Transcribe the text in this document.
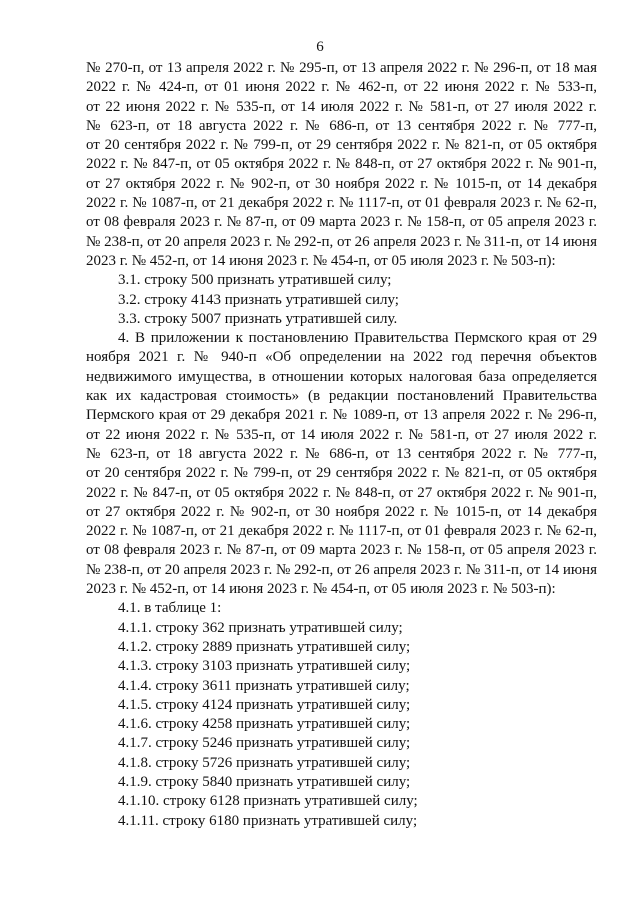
6
№ 270-п, от 13 апреля 2022 г. № 295-п, от 13 апреля 2022 г. № 296-п, от 18 мая
2022 г. № 424-п, от 01 июня 2022 г. № 462-п, от 22 июня 2022 г. № 533-п,
от 22 июня 2022 г. № 535-п, от 14 июля 2022 г. № 581-п, от 27 июля 2022 г.
№ 623-п, от 18 августа 2022 г. № 686-п, от 13 сентября 2022 г. № 777-п,
от 20 сентября 2022 г. № 799-п, от 29 сентября 2022 г. № 821-п, от 05 октября
2022 г. № 847-п, от 05 октября 2022 г. № 848-п, от 27 октября 2022 г. № 901-п,
от 27 октября 2022 г. № 902-п, от 30 ноября 2022 г. № 1015-п, от 14 декабря
2022 г. № 1087-п, от 21 декабря 2022 г. № 1117-п, от 01 февраля 2023 г. № 62-п,
от 08 февраля 2023 г. № 87-п, от 09 марта 2023 г. № 158-п, от 05 апреля 2023 г.
№ 238-п, от 20 апреля 2023 г. № 292-п, от 26 апреля 2023 г. № 311-п, от 14 июня
2023 г. № 452-п, от 14 июня 2023 г. № 454-п, от 05 июля 2023 г. № 503-п):
3.1. строку 500 признать утратившей силу;
3.2. строку 4143 признать утратившей силу;
3.3. строку 5007 признать утратившей силу.
4. В приложении к постановлению Правительства Пермского края от 29
ноября 2021 г. № 940-п «Об определении на 2022 год перечня объектов
недвижимого имущества, в отношении которых налоговая база определяется
как их кадастровая стоимость» (в редакции постановлений Правительства
Пермского края от 29 декабря 2021 г. № 1089-п, от 13 апреля 2022 г. № 296-п,
от 22 июня 2022 г. № 535-п, от 14 июля 2022 г. № 581-п, от 27 июля 2022 г.
№ 623-п, от 18 августа 2022 г. № 686-п, от 13 сентября 2022 г. № 777-п,
от 20 сентября 2022 г. № 799-п, от 29 сентября 2022 г. № 821-п, от 05 октября
2022 г. № 847-п, от 05 октября 2022 г. № 848-п, от 27 октября 2022 г. № 901-п,
от 27 октября 2022 г. № 902-п, от 30 ноября 2022 г. № 1015-п, от 14 декабря
2022 г. № 1087-п, от 21 декабря 2022 г. № 1117-п, от 01 февраля 2023 г. № 62-п,
от 08 февраля 2023 г. № 87-п, от 09 марта 2023 г. № 158-п, от 05 апреля 2023 г.
№ 238-п, от 20 апреля 2023 г. № 292-п, от 26 апреля 2023 г. № 311-п, от 14 июня
2023 г. № 452-п, от 14 июня 2023 г. № 454-п, от 05 июля 2023 г. № 503-п):
4.1. в таблице 1:
4.1.1. строку 362 признать утратившей силу;
4.1.2. строку 2889 признать утратившей силу;
4.1.3. строку 3103 признать утратившей силу;
4.1.4. строку 3611 признать утратившей силу;
4.1.5. строку 4124 признать утратившей силу;
4.1.6. строку 4258 признать утратившей силу;
4.1.7. строку 5246 признать утратившей силу;
4.1.8. строку 5726 признать утратившей силу;
4.1.9. строку 5840 признать утратившей силу;
4.1.10. строку 6128 признать утратившей силу;
4.1.11. строку 6180 признать утратившей силу;
